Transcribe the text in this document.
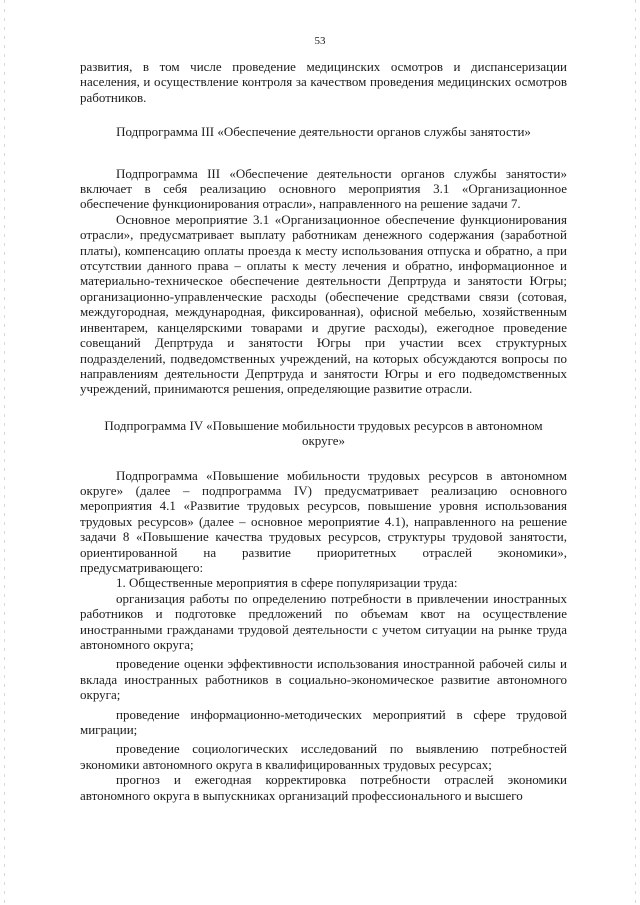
53

развития, в том числе проведение медицинских осмотров и диспансеризации населения, и осуществление контроля за качеством проведения медицинских осмотров работников.

Подпрограмма III «Обеспечение деятельности органов службы занятости»

Подпрограмма III «Обеспечение деятельности органов службы занятости» включает в себя реализацию основного мероприятия 3.1 «Организационное обеспечение функционирования отрасли», направленного на решение задачи 7.

Основное мероприятие 3.1 «Организационное обеспечение функционирования отрасли», предусматривает выплату работникам денежного содержания (заработной платы), компенсацию оплаты проезда к месту использования отпуска и обратно, а при отсутствии данного права – оплаты к месту лечения и обратно, информационное и материально-техническое обеспечение деятельности Депртруда и занятости Югры; организационно-управленческие расходы (обеспечение средствами связи (сотовая, междугородная, международная, фиксированная), офисной мебелью, хозяйственным инвентарем, канцелярскими товарами и другие расходы), ежегодное проведение совещаний Депртруда и занятости Югры при участии всех структурных подразделений, подведомственных учреждений, на которых обсуждаются вопросы по направлениям деятельности Депртруда и занятости Югры и его подведомственных учреждений, принимаются решения, определяющие развитие отрасли.

Подпрограмма IV «Повышение мобильности трудовых ресурсов в автономном округе»

Подпрограмма «Повышение мобильности трудовых ресурсов в автономном округе» (далее – подпрограмма IV) предусматривает реализацию основного мероприятия 4.1 «Развитие трудовых ресурсов, повышение уровня использования трудовых ресурсов» (далее – основное мероприятие 4.1), направленного на решение задачи 8 «Повышение качества трудовых ресурсов, структуры трудовой занятости, ориентированной на развитие приоритетных отраслей экономики», предусматривающего:

1. Общественные мероприятия в сфере популяризации труда:

организация работы по определению потребности в привлечении иностранных работников и подготовке предложений по объемам квот на осуществление иностранными гражданами трудовой деятельности с учетом ситуации на рынке труда автономного округа;

проведение оценки эффективности использования иностранной рабочей силы и вклада иностранных работников в социально-экономическое развитие автономного округа;

проведение информационно-методических мероприятий в сфере трудовой миграции;

проведение социологических исследований по выявлению потребностей экономики автономного округа в квалифицированных трудовых ресурсах;

прогноз и ежегодная корректировка потребности отраслей экономики автономного округа в выпускниках организаций профессионального и высшего
